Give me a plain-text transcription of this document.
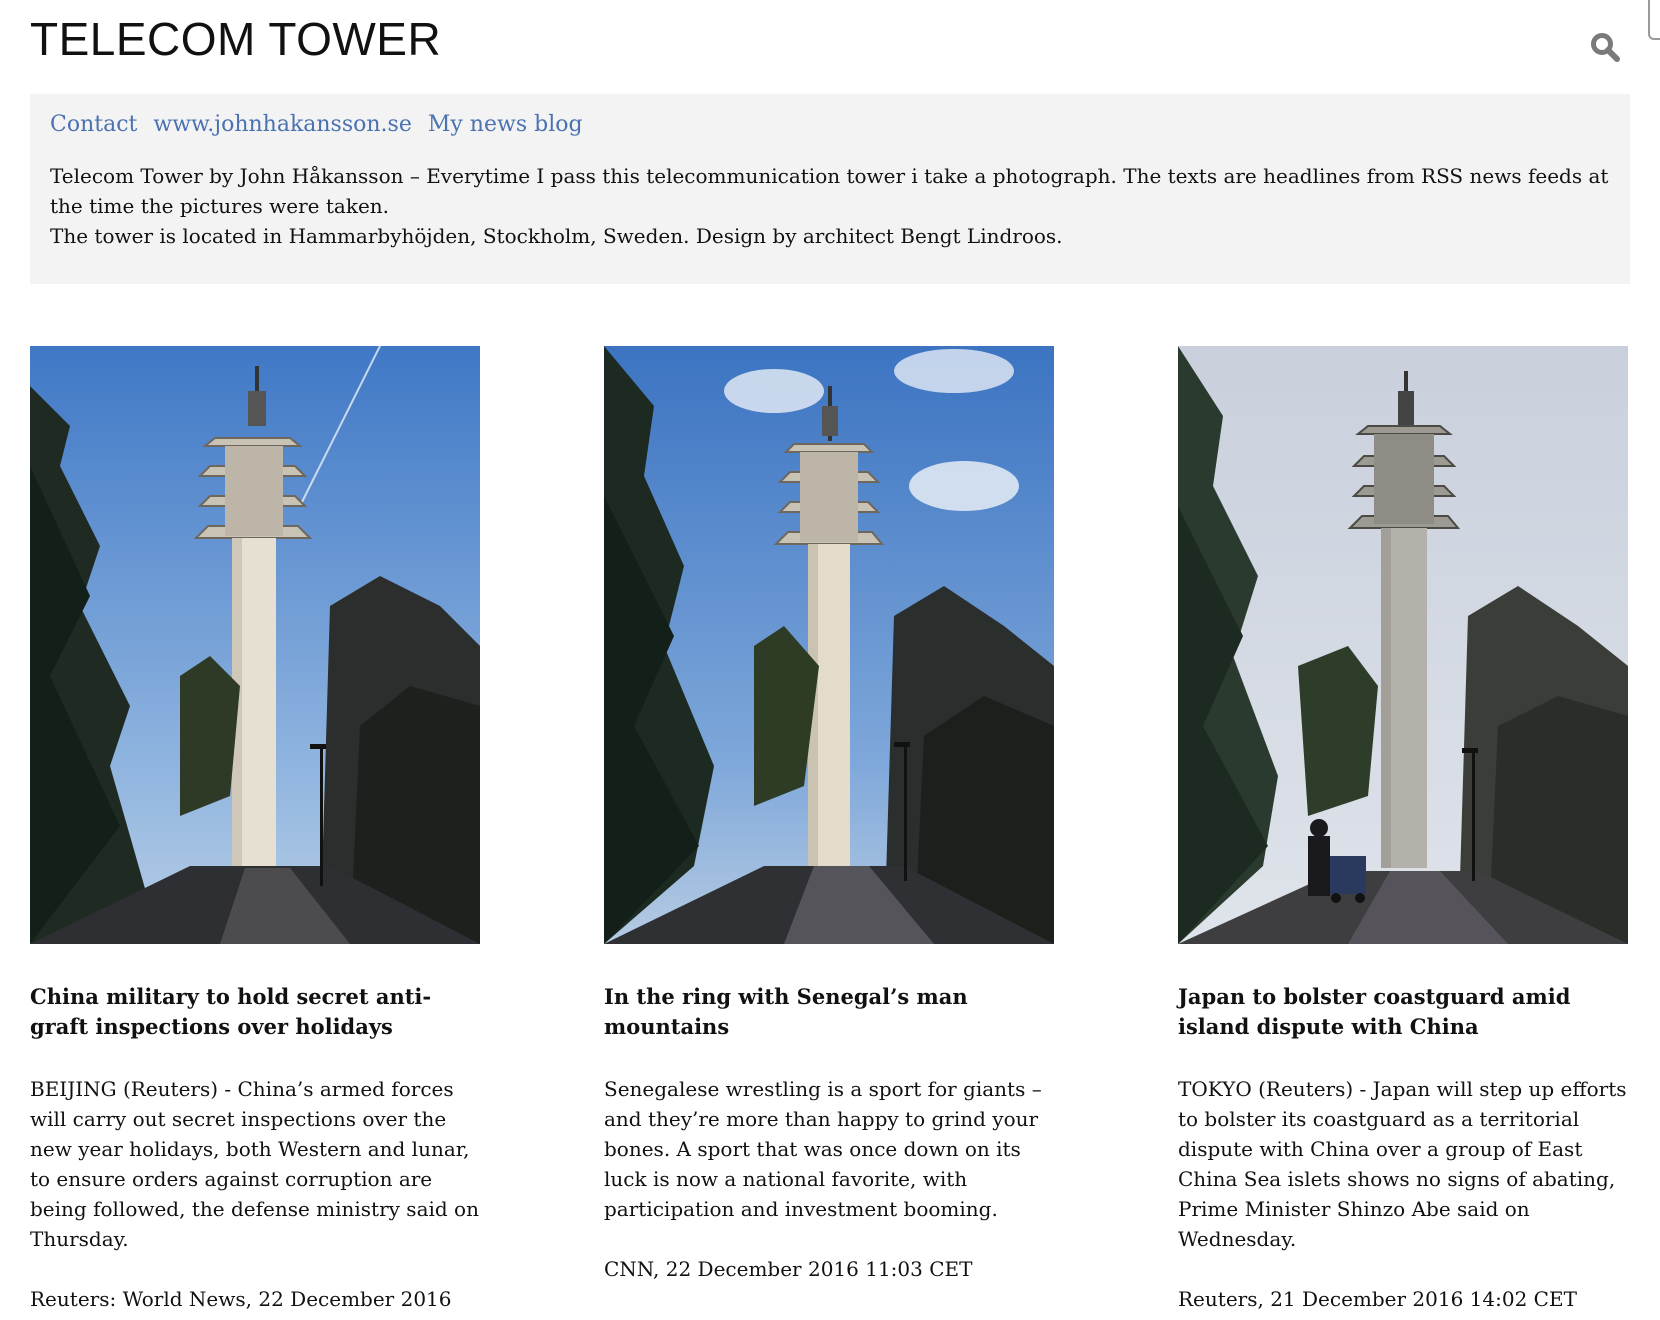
TELECOM TOWER
Contact www.johnhakansson.se My news blog

Telecom Tower by John Håkansson – Everytime I pass this telecommunication tower i take a photograph. The texts are headlines from RSS news feeds at the time the pictures were taken.

The tower is located in Hammarbyhöjden, Stockholm, Sweden. Design by architect Bengt Lindroos.

China military to hold secret anti-graft inspections over holidays

BEIJING (Reuters) - China’s armed forces will carry out secret inspections over the new year holidays, both Western and lunar, to ensure orders against corruption are being followed, the defense ministry said on Thursday.

Reuters: World News, 22 December 2016

In the ring with Senegal’s man mountains

Senegalese wrestling is a sport for giants – and they’re more than happy to grind your bones. A sport that was once down on its luck is now a national favorite, with participation and investment booming.

CNN, 22 December 2016 11:03 CET

Japan to bolster coastguard amid island dispute with China

TOKYO (Reuters) - Japan will step up efforts to bolster its coastguard as a territorial dispute with China over a group of East China Sea islets shows no signs of abating, Prime Minister Shinzo Abe said on Wednesday.

Reuters, 21 December 2016 14:02 CET
